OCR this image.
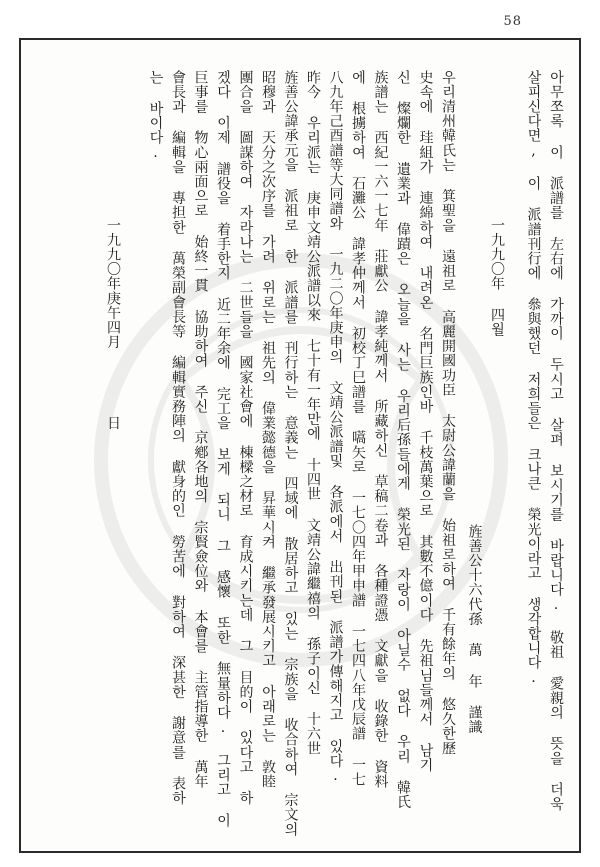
58
아무쪼록 이 派譜를 左右에 가까이 두시고 살펴 보시기를 바랍니다. 敬祖 愛親의 뜻을 더욱
살피신다면, 이 派譜刊行에 叅與했던 저희들은 크나큰 榮光이라고 생각합니다.
一九九〇年 四월
旌善公十六代孫 萬 年 謹識
우리清州韓氏는 箕聖을 遠祖로 高麗開國功臣 太尉公諱蘭을 始祖로하여 千有餘年의 悠久한歷
史속에 珪組가 連綿하여 내려온 名門巨族인바 千枝萬葉으로 其數不億이다 先祖님들께서 남기
신 燦爛한 遺業과 偉蹟은 오늘을 사는 우리后孫들에게 榮光된 자랑이 아닐수 없다 우리 韓氏
族譜는 西紀一六一七年 莊獻公 諱孝純께서 所藏하신 草稿二卷과 各種證憑 文獻을 收錄한 資料
에 根擄하여 石灘公 諱孝仲께서 初校丁巳譜를 嚆矢로 一七〇四年甲申譜 一七四八年戊辰譜 一七
八九年己酉譜等大同譜와 一九二〇年庚申의 文靖公派譜및 各派에서 出刊된 派譜가傳해지고 있다.
昨今 우리派는 庚申文靖公派譜以來 七十有一年만에 十四世 文靖公諱繼禧의 孫子이신 十六世
旌善公諱承元을 派祖로 한 派譜를 刊行하는 意義는 四域에 散居하고 있는 宗族을 收合하여 宗文의
昭穆과 天分之次序를 가려 위로는 祖先의 偉業懿德을 昇華시켜 繼承發展시키고 아래로는 敦睦
團合을 圖謀하여 자라나는 二世들을 國家社會에 棟樑之材로 育成시키는데 그 目的이 있다고 하
겠다 이제 譜役을 着手한지 近二年余에 完工을 보게 되니 그 感懷 또한 無量하다. 그리고 이
巨事를 物心兩面으로 始終一貫 協助하여 주신 京鄕各地의 宗賢僉位와 本會를 主管指導한 萬年
會長과 編輯을 專担한 萬榮副會長等 編輯實務陣의 獻身的인 勞苦에 對하여 深甚한 謝意를 表하
는 바이다.
一九九〇年庚午四月    日
